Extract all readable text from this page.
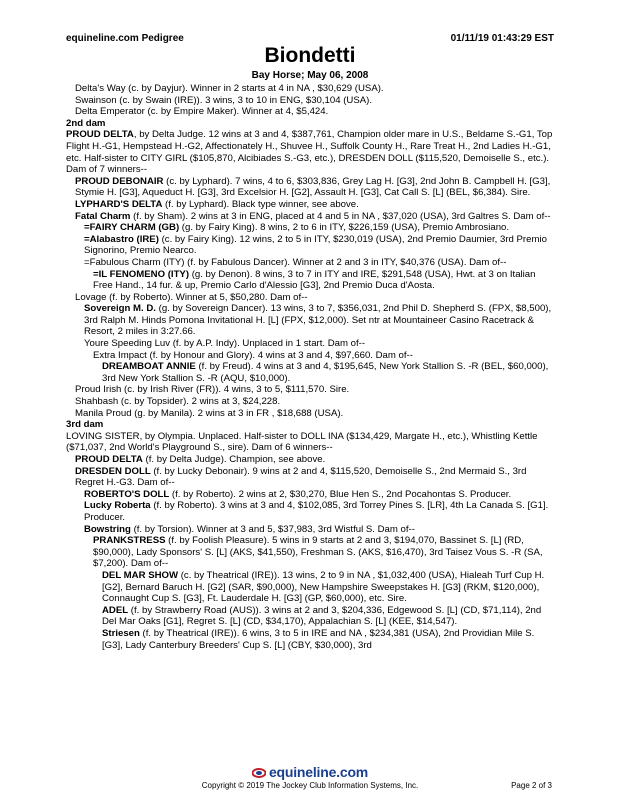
equineline.com Pedigree	01/11/19 01:43:29 EST
Biondetti
Bay Horse; May 06, 2008

Delta's Way (c. by Dayjur). Winner in 2 starts at 4 in NA , $30,629 (USA).

Swainson (c. by Swain (IRE)). 3 wins, 3 to 10 in ENG, $30,104 (USA).

Delta Emperator (c. by Empire Maker). Winner at 4, $5,424.

2nd dam

PROUD DELTA, by Delta Judge. 12 wins at 3 and 4, $387,761, Champion older mare in U.S., Beldame S.-G1, Top Flight H.-G1, Hempstead H.-G2, Affectionately H., Shuvee H., Suffolk County H., Rare Treat H., 2nd Ladies H.-G1, etc. Half-sister to CITY GIRL ($105,870, Alcibiades S.-G3, etc.), DRESDEN DOLL ($115,520, Demoiselle S., etc.). Dam of 7 winners--

PROUD DEBONAIR (c. by Lyphard). 7 wins, 4 to 6, $303,836, Grey Lag H. [G3], 2nd John B. Campbell H. [G3], Stymie H. [G3], Aqueduct H. [G3], 3rd Excelsior H. [G2], Assault H. [G3], Cat Call S. [L] (BEL, $6,384). Sire.

LYPHARD'S DELTA (f. by Lyphard). Black type winner, see above.

Fatal Charm (f. by Sham). 2 wins at 3 in ENG, placed at 4 and 5 in NA , $37,020 (USA), 3rd Galtres S. Dam of--

=FAIRY CHARM (GB) (g. by Fairy King). 8 wins, 2 to 6 in ITY, $226,159 (USA), Premio Ambrosiano.

=Alabastro (IRE) (c. by Fairy King). 12 wins, 2 to 5 in ITY, $230,019 (USA), 2nd Premio Daumier, 3rd Premio Signorino, Premio Nearco.

=Fabulous Charm (ITY) (f. by Fabulous Dancer). Winner at 2 and 3 in ITY, $40,376 (USA). Dam of--

=IL FENOMENO (ITY) (g. by Denon). 8 wins, 3 to 7 in ITY and IRE, $291,548 (USA), Hwt. at 3 on Italian Free Hand., 14 fur. & up, Premio Carlo d'Alessio [G3], 2nd Premio Duca d'Aosta.

Lovage (f. by Roberto). Winner at 5, $50,280. Dam of--

Sovereign M. D. (g. by Sovereign Dancer). 13 wins, 3 to 7, $356,031, 2nd Phil D. Shepherd S. (FPX, $8,500), 3rd Ralph M. Hinds Pomona Invitational H. [L] (FPX, $12,000). Set ntr at Mountaineer Casino Racetrack & Resort, 2 miles in 3:27.66.

Youre Speeding Luv (f. by A.P. Indy). Unplaced in 1 start. Dam of--

Extra Impact (f. by Honour and Glory). 4 wins at 3 and 4, $97,660. Dam of--

DREAMBOAT ANNIE (f. by Freud). 4 wins at 3 and 4, $195,645, New York Stallion S. -R (BEL, $60,000), 3rd New York Stallion S. -R (AQU, $10,000).

Proud Irish (c. by Irish River (FR)). 4 wins, 3 to 5, $111,570. Sire.

Shahbash (c. by Topsider). 2 wins at 3, $24,228.

Manila Proud (g. by Manila). 2 wins at 3 in FR , $18,688 (USA).

3rd dam

LOVING SISTER, by Olympia. Unplaced. Half-sister to DOLL INA ($134,429, Margate H., etc.), Whistling Kettle ($71,037, 2nd World's Playground S., sire). Dam of 6 winners--

PROUD DELTA (f. by Delta Judge). Champion, see above.

DRESDEN DOLL (f. by Lucky Debonair). 9 wins at 2 and 4, $115,520, Demoiselle S., 2nd Mermaid S., 3rd Regret H.-G3. Dam of--

ROBERTO'S DOLL (f. by Roberto). 2 wins at 2, $30,270, Blue Hen S., 2nd Pocahontas S. Producer.

Lucky Roberta (f. by Roberto). 3 wins at 3 and 4, $102,085, 3rd Torrey Pines S. [LR], 4th La Canada S. [G1]. Producer.

Bowstring (f. by Torsion). Winner at 3 and 5, $37,983, 3rd Wistful S. Dam of--

PRANKSTRESS (f. by Foolish Pleasure). 5 wins in 9 starts at 2 and 3, $194,070, Bassinet S. [L] (RD, $90,000), Lady Sponsors' S. [L] (AKS, $41,550), Freshman S. (AKS, $16,470), 3rd Taisez Vous S. -R (SA, $7,200). Dam of--

DEL MAR SHOW (c. by Theatrical (IRE)). 13 wins, 2 to 9 in NA , $1,032,400 (USA), Hialeah Turf Cup H. [G2], Bernard Baruch H. [G2] (SAR, $90,000), New Hampshire Sweepstakes H. [G3] (RKM, $120,000), Connaught Cup S. [G3], Ft. Lauderdale H. [G3] (GP, $60,000), etc. Sire.

ADEL (f. by Strawberry Road (AUS)). 3 wins at 2 and 3, $204,336, Edgewood S. [L] (CD, $71,114), 2nd Del Mar Oaks [G1], Regret S. [L] (CD, $34,170), Appalachian S. [L] (KEE, $14,547).

Striesen (f. by Theatrical (IRE)). 6 wins, 3 to 5 in IRE and NA , $234,381 (USA), 2nd Providian Mile S. [G3], Lady Canterbury Breeders' Cup S. [L] (CBY, $30,000), 3rd

equineline.com
Copyright © 2019 The Jockey Club Information Systems, Inc.	Page 2 of 3
